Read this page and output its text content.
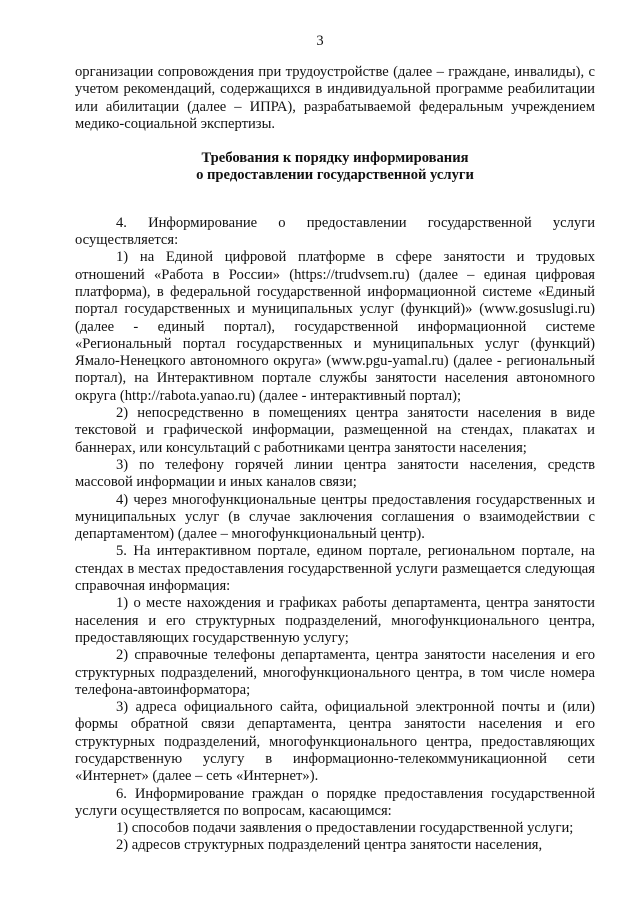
3

организации сопровождения при трудоустройстве (далее – граждане, инвалиды), с учетом рекомендаций, содержащихся в индивидуальной программе реабилитации или абилитации (далее – ИПРА), разрабатываемой федеральным учреждением медико-социальной экспертизы.

Требования к порядку информирования
о предоставлении государственной услуги

4. Информирование о предоставлении государственной услуги осуществляется:

1) на Единой цифровой платформе в сфере занятости и трудовых отношений «Работа в России» (https://trudvsem.ru) (далее – единая цифровая платформа), в федеральной государственной информационной системе «Единый портал государственных и муниципальных услуг (функций)» (www.gosuslugi.ru) (далее - единый портал), государственной информационной системе «Региональный портал государственных и муниципальных услуг (функций) Ямало-Ненецкого автономного округа» (www.pgu-yamal.ru) (далее - региональный портал), на Интерактивном портале службы занятости населения автономного округа (http://rabota.yanao.ru) (далее - интерактивный портал);

2) непосредственно в помещениях центра занятости населения в виде текстовой и графической информации, размещенной на стендах, плакатах и баннерах, или консультаций с работниками центра занятости населения;

3) по телефону горячей линии центра занятости населения, средств массовой информации и иных каналов связи;

4) через многофункциональные центры предоставления государственных и муниципальных услуг (в случае заключения соглашения о взаимодействии с департаментом) (далее – многофункциональный центр).

5. На интерактивном портале, едином портале, региональном портале, на стендах в местах предоставления государственной услуги размещается следующая справочная информация:

1) о месте нахождения и графиках работы департамента, центра занятости населения и его структурных подразделений, многофункционального центра, предоставляющих государственную услугу;

2) справочные телефоны департамента, центра занятости населения и его структурных подразделений, многофункционального центра, в том числе номера телефона-автоинформатора;

3) адреса официального сайта, официальной электронной почты и (или) формы обратной связи департамента, центра занятости населения и его структурных подразделений, многофункционального центра, предоставляющих государственную услугу в информационно-телекоммуникационной сети «Интернет» (далее – сеть «Интернет»).

6. Информирование граждан о порядке предоставления государственной услуги осуществляется по вопросам, касающимся:

1) способов подачи заявления о предоставлении государственной услуги;

2) адресов структурных подразделений центра занятости населения,
